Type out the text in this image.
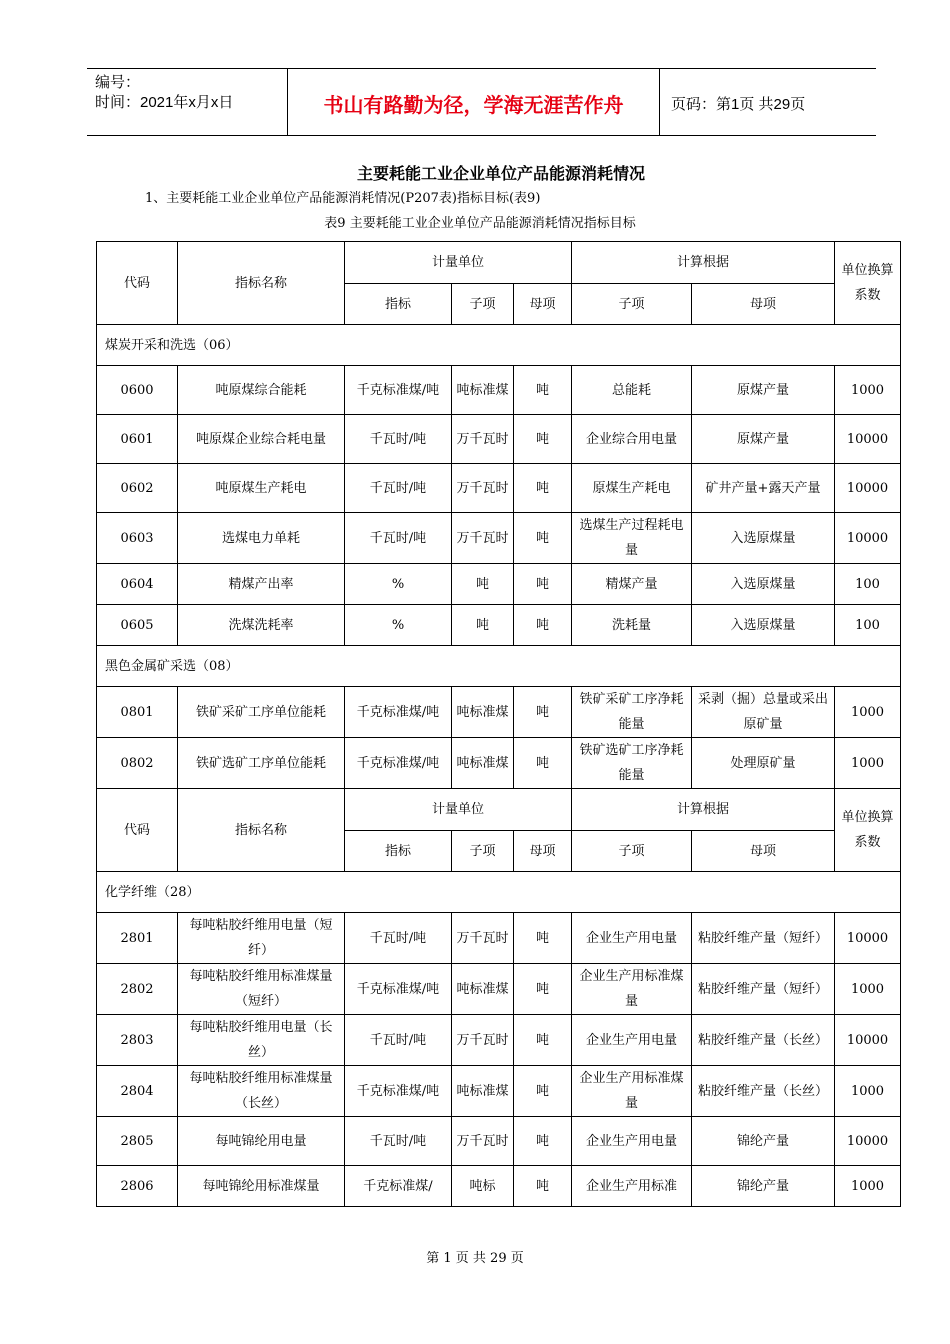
编号：
时间：2021年x月x日	书山有路勤为径，学海无涯苦作舟	页码：第1页 共29页
主要耗能工业企业单位产品能源消耗情况
1、主要耗能工业企业单位产品能源消耗情况(P207表)指标目标(表9)
表9 主要耗能工业企业单位产品能源消耗情况指标目标
代码	指标名称	计量单位			计算根据		单位换算系数
		指标	子项	母项	子项	母项	
煤炭开采和洗选（06）							
0600	吨原煤综合能耗	千克标准煤/吨	吨标准煤	吨	总能耗	原煤产量	1000
0601	吨原煤企业综合耗电量	千瓦时/吨	万千瓦时	吨	企业综合用电量	原煤产量	10000
0602	吨原煤生产耗电	千瓦时/吨	万千瓦时	吨	原煤生产耗电	矿井产量+露天产量	10000
0603	选煤电力单耗	千瓦时/吨	万千瓦时	吨	选煤生产过程耗电量	入选原煤量	10000
0604	精煤产出率	%	吨	吨	精煤产量	入选原煤量	100
0605	洗煤洗耗率	%	吨	吨	洗耗量	入选原煤量	100
黑色金属矿采选（08）							
0801	铁矿采矿工序单位能耗	千克标准煤/吨	吨标准煤	吨	铁矿采矿工序净耗能量	采剥（掘）总量或采出原矿量	1000
0802	铁矿选矿工序单位能耗	千克标准煤/吨	吨标准煤	吨	铁矿选矿工序净耗能量	处理原矿量	1000
代码	指标名称	计量单位			计算根据		单位换算系数
		指标	子项	母项	子项	母项	
化学纤维（28）							
2801	每吨粘胶纤维用电量（短纤）	千瓦时/吨	万千瓦时	吨	企业生产用电量	粘胶纤维产量（短纤）	10000
2802	每吨粘胶纤维用标准煤量（短纤）	千克标准煤/吨	吨标准煤	吨	企业生产用标准煤量	粘胶纤维产量（短纤）	1000
2803	每吨粘胶纤维用电量（长丝）	千瓦时/吨	万千瓦时	吨	企业生产用电量	粘胶纤维产量（长丝）	10000
2804	每吨粘胶纤维用标准煤量（长丝）	千克标准煤/吨	吨标准煤	吨	企业生产用标准煤量	粘胶纤维产量（长丝）	1000
2805	每吨锦纶用电量	千瓦时/吨	万千瓦时	吨	企业生产用电量	锦纶产量	10000
2806	每吨锦纶用标准煤量	千克标准煤/	吨标	吨	企业生产用标准	锦纶产量	1000
第 1 页 共 29 页
